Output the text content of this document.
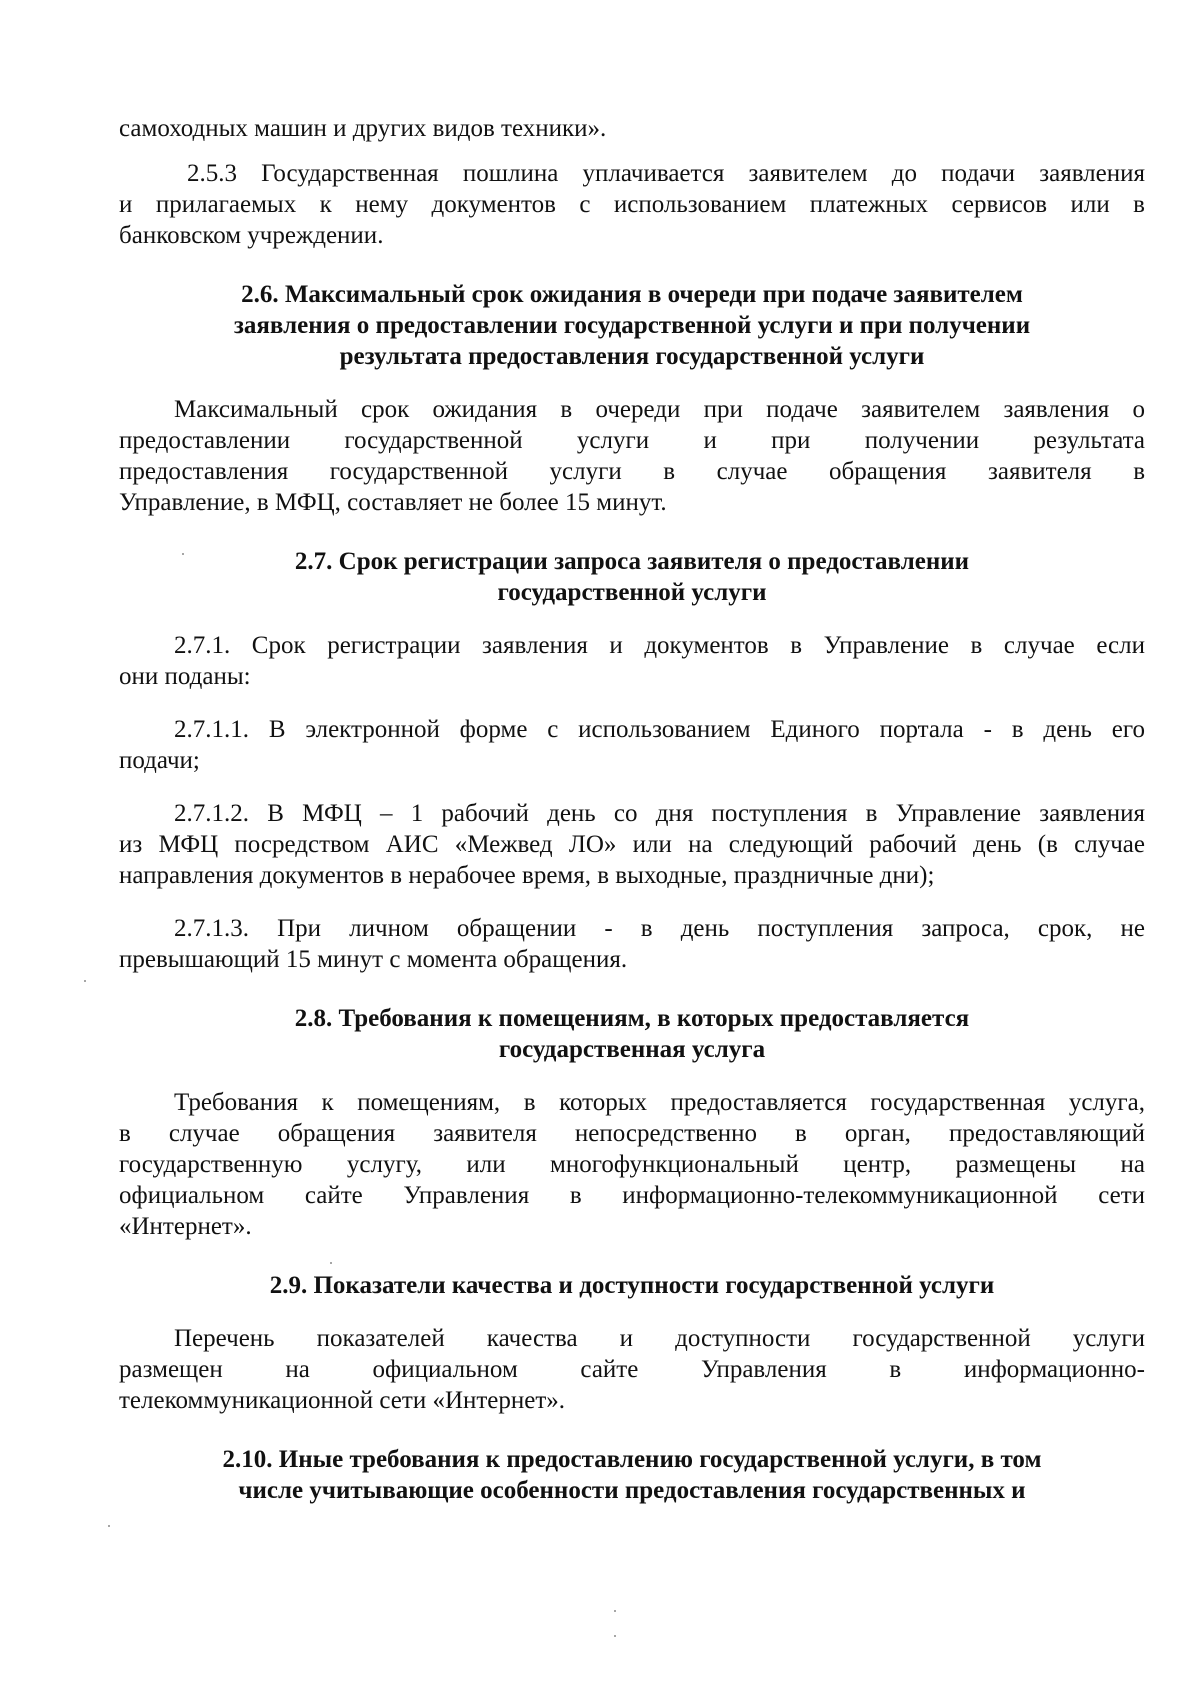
самоходных машин и других видов техники».

2.5.3 Государственная пошлина уплачивается заявителем до подачи заявления
и прилагаемых к нему документов с использованием платежных сервисов или в
банковском учреждении.

2.6. Максимальный срок ожидания в очереди при подаче заявителем
заявления о предоставлении государственной услуги и при получении
результата предоставления государственной услуги

Максимальный срок ожидания в очереди при подаче заявителем заявления о
предоставлении государственной услуги и при получении результата
предоставления государственной услуги в случае обращения заявителя в
Управление, в МФЦ, составляет не более 15 минут.

2.7. Срок регистрации запроса заявителя о предоставлении
государственной услуги

2.7.1. Срок регистрации заявления и документов в Управление в случае если
они поданы:

2.7.1.1. В электронной форме с использованием Единого портала - в день его
подачи;

2.7.1.2. В МФЦ – 1 рабочий день со дня поступления в Управление заявления
из МФЦ посредством АИС «Межвед ЛО» или на следующий рабочий день (в случае
направления документов в нерабочее время, в выходные, праздничные дни);

2.7.1.3. При личном обращении - в день поступления запроса, срок, не
превышающий 15 минут с момента обращения.

2.8. Требования к помещениям, в которых предоставляется
государственная услуга

Требования к помещениям, в которых предоставляется государственная услуга,
в случае обращения заявителя непосредственно в орган, предоставляющий
государственную услугу, или многофункциональный центр, размещены на
официальном сайте Управления в информационно-телекоммуникационной сети
«Интернет».

2.9. Показатели качества и доступности государственной услуги

Перечень показателей качества и доступности государственной услуги
размещен на официальном сайте Управления в информационно-
телекоммуникационной сети «Интернет».

2.10. Иные требования к предоставлению государственной услуги, в том
числе учитывающие особенности предоставления государственных и
